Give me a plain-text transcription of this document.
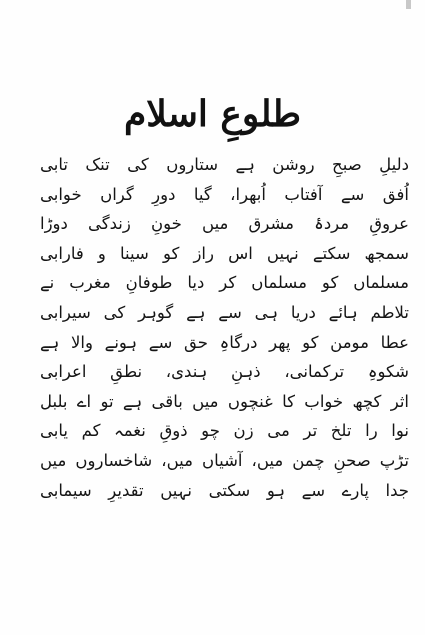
طلوعِ اسلام
دلیلِ صبحِ روشن ہے ستاروں کی تنک تابی
اُفق سے آفتاب اُبھرا، گیا دورِ گراں خوابی
عروقِ مردۂ مشرق میں خونِ زندگی دوڑا
سمجھ سکتے نہیں اس راز کو سینا و فارابی
مسلماں کو مسلماں کر دیا طوفانِ مغرب نے
تلاطم ہائے دریا ہی سے ہے گوہر کی سیرابی
عطا مومن کو پھر درگاہِ حق سے ہونے والا ہے
شکوہِ ترکمانی، ذہنِ ہندی، نطقِ اعرابی
اثر کچھ خواب کا غنچوں میں باقی ہے تو اے بلبل
نوا را تلخ تر می زن چو ذوقِ نغمہ کم یابی
تڑپ صحنِ چمن میں، آشیاں میں، شاخساروں میں
جدا پارے سے ہو سکتی نہیں تقدیرِ سیمابی
